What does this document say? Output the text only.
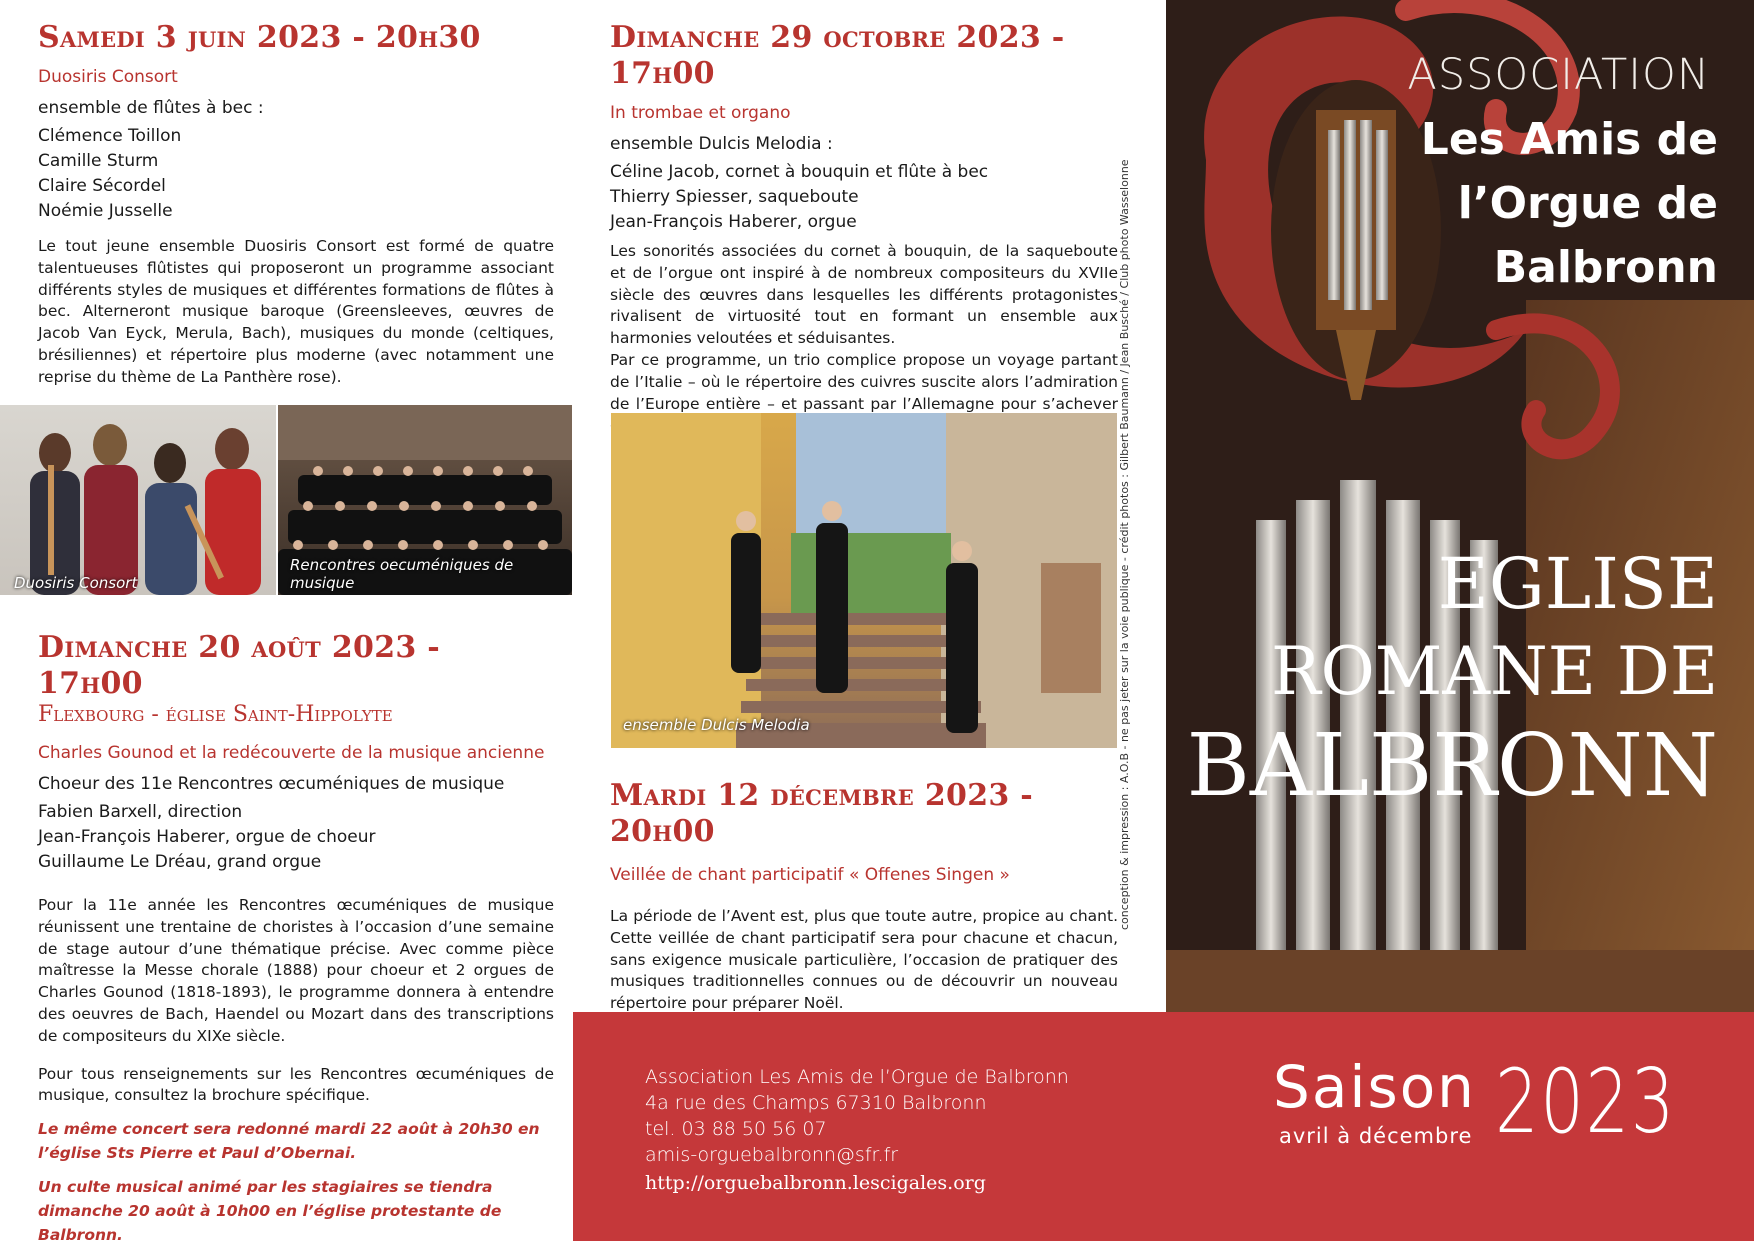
Samedi 3 juin 2023 - 20h30

Duosiris Consort

ensemble de flûtes à bec :

Clémence Toillon

Camille Sturm

Claire Sécordel

Noémie Jusselle

Le tout jeune ensemble Duosiris Consort est formé de quatre talentueuses flûtistes qui proposeront un programme associant différents styles de musiques et différentes formations de flûtes à bec. Alterneront musique baroque (Greensleeves, œuvres de Jacob Van Eyck, Merula, Bach), musiques du monde (celtiques, brésiliennes) et répertoire plus moderne (avec notamment une reprise du thème de La Panthère rose).

Duosiris Consort
Rencontres oecuméniques de musique
Dimanche 20 août 2023 - 17h00

Flexbourg - église Saint-Hippolyte

Charles Gounod et la redécouverte de la musique ancienne

Choeur des 11e Rencontres œcuméniques de musique

Fabien Barxell, direction

Jean-François Haberer, orgue de choeur

Guillaume Le Dréau, grand orgue

Pour la 11e année les Rencontres œcuméniques de musique réunissent une trentaine de choristes à l’occasion d’une semaine de stage autour d’une thématique précise. Avec comme pièce maîtresse la Messe chorale (1888) pour choeur et 2 orgues de Charles Gounod (1818-1893), le programme donnera à entendre des oeuvres de Bach, Haendel ou Mozart dans des transcriptions de compositeurs du XIXe siècle.

Pour tous renseignements sur les Rencontres œcuméniques de musique, consultez la brochure spécifique.

Le même concert sera redonné mardi 22 août à 20h30 en l’église Sts Pierre et Paul d’Obernai.

Un culte musical animé par les stagiaires se tiendra dimanche 20 août à 10h00 en l’église protestante de Balbronn.

Dimanche 29 octobre 2023 - 17h00

In trombae et organo

ensemble Dulcis Melodia :

Céline Jacob, cornet à bouquin et flûte à bec

Thierry Spiesser, saqueboute

Jean-François Haberer, orgue

Les sonorités associées du cornet à bouquin, de la saqueboute et de l’orgue ont inspiré à de nombreux compositeurs du XVIIe siècle des œuvres dans lesquelles les différents protagonistes rivalisent de virtuosité tout en formant un ensemble aux harmonies veloutées et séduisantes.

Par ce programme, un trio complice propose un voyage partant de l’Italie – où le répertoire des cuivres suscite alors l’admiration de l’Europe entière – et passant par l’Allemagne pour s’achever

ensemble Dulcis Melodia
Mardi 12 décembre 2023 - 20h00

Veillée de chant participatif « Offenes Singen »

La période de l’Avent est, plus que toute autre, propice au chant. Cette veillée de chant participatif sera pour chacune et chacun, sans exigence musicale particulière, l’occasion de pratiquer des musiques traditionnelles connues ou de découvrir un nouveau répertoire pour préparer Noël.

conception & impression : A.O.B - ne pas jeter sur la voie publique - crédit photos : Gilbert Baumann / Jean Busché / Club photo Wasselonne
ASSOCIATION
Les Amis de
l’Orgue de
Balbronn
EGLISE
ROMANE DE
BALBRONN
Association Les Amis de l’Orgue de Balbronn
4a rue des Champs 67310 Balbronn
tel. 03 88 50 56 07
amis-orguebalbronn@sfr.fr
http://orguebalbronn.lescigales.org
Saison
avril à décembre 2023
